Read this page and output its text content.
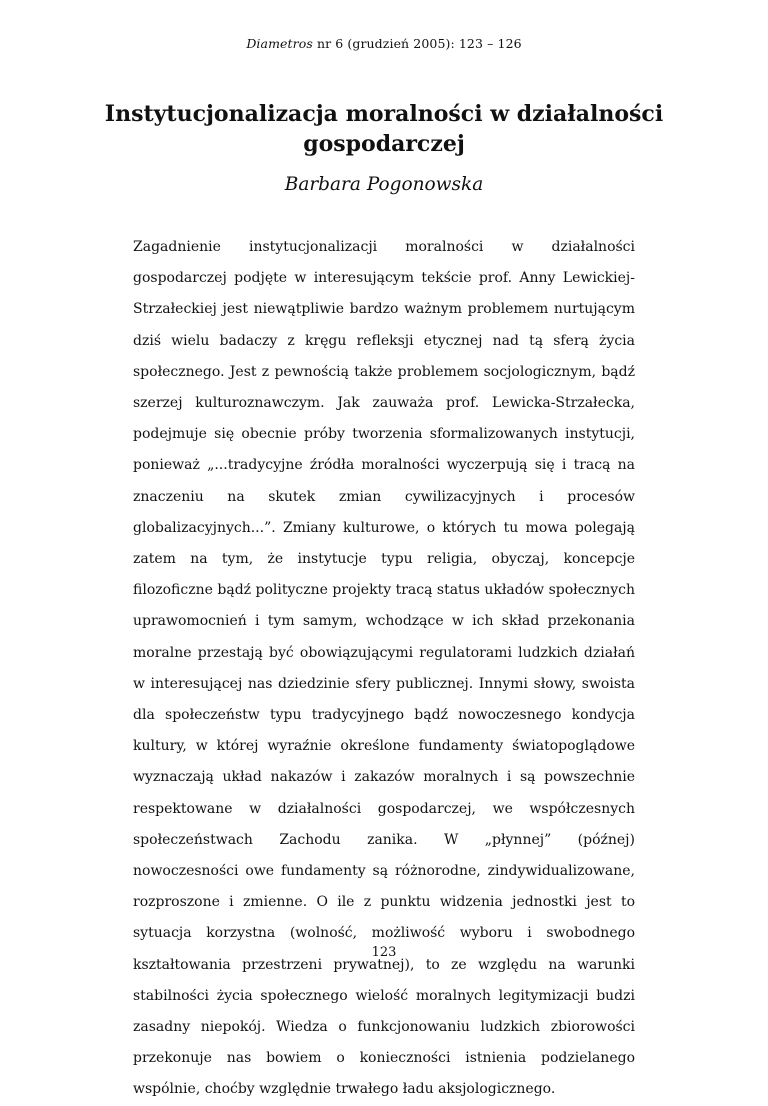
Diametros nr 6 (grudzień 2005): 123 – 126
Instytucjonalizacja moralności w działalności gospodarczej
Barbara Pogonowska

Zagadnienie instytucjonalizacji moralności w działalności gospodarczej podjęte w interesującym tekście prof. Anny Lewickiej-Strzałeckiej jest niewątpliwie bardzo ważnym problemem nurtującym dziś wielu badaczy z kręgu refleksji etycznej nad tą sferą życia społecznego. Jest z pewnością także problemem socjologicznym, bądź szerzej kulturoznawczym. Jak zauważa prof. Lewicka-Strzałecka, podejmuje się obecnie próby tworzenia sformalizowanych instytucji, ponieważ „...tradycyjne źródła moralności wyczerpują się i tracą na znaczeniu na skutek zmian cywilizacyjnych i procesów globalizacyjnych...”. Zmiany kulturowe, o których tu mowa polegają zatem na tym, że instytucje typu religia, obyczaj, koncepcje filozoficzne bądź polityczne projekty tracą status układów społecznych uprawomocnień i tym samym, wchodzące w ich skład przekonania moralne przestają być obowiązującymi regulatorami ludzkich działań w interesującej nas dziedzinie sfery publicznej. Innymi słowy, swoista dla społeczeństw typu tradycyjnego bądź nowoczesnego kondycja kultury, w której wyraźnie określone fundamenty światopoglądowe wyznaczają układ nakazów i zakazów moralnych i są powszechnie respektowane w działalności gospodarczej, we współczesnych społeczeństwach Zachodu zanika. W „płynnej” (późnej) nowoczesności owe fundamenty są różnorodne, zindywidualizowane, rozproszone i zmienne. O ile z punktu widzenia jednostki jest to sytuacja korzystna (wolność, możliwość wyboru i swobodnego kształtowania przestrzeni prywatnej), to ze względu na warunki stabilności życia społecznego wielość moralnych legitymizacji budzi zasadny niepokój. Wiedza o funkcjonowaniu ludzkich zbiorowości przekonuje nas bowiem o konieczności istnienia podzielanego wspólnie, choćby względnie trwałego ładu aksjologicznego.

123
